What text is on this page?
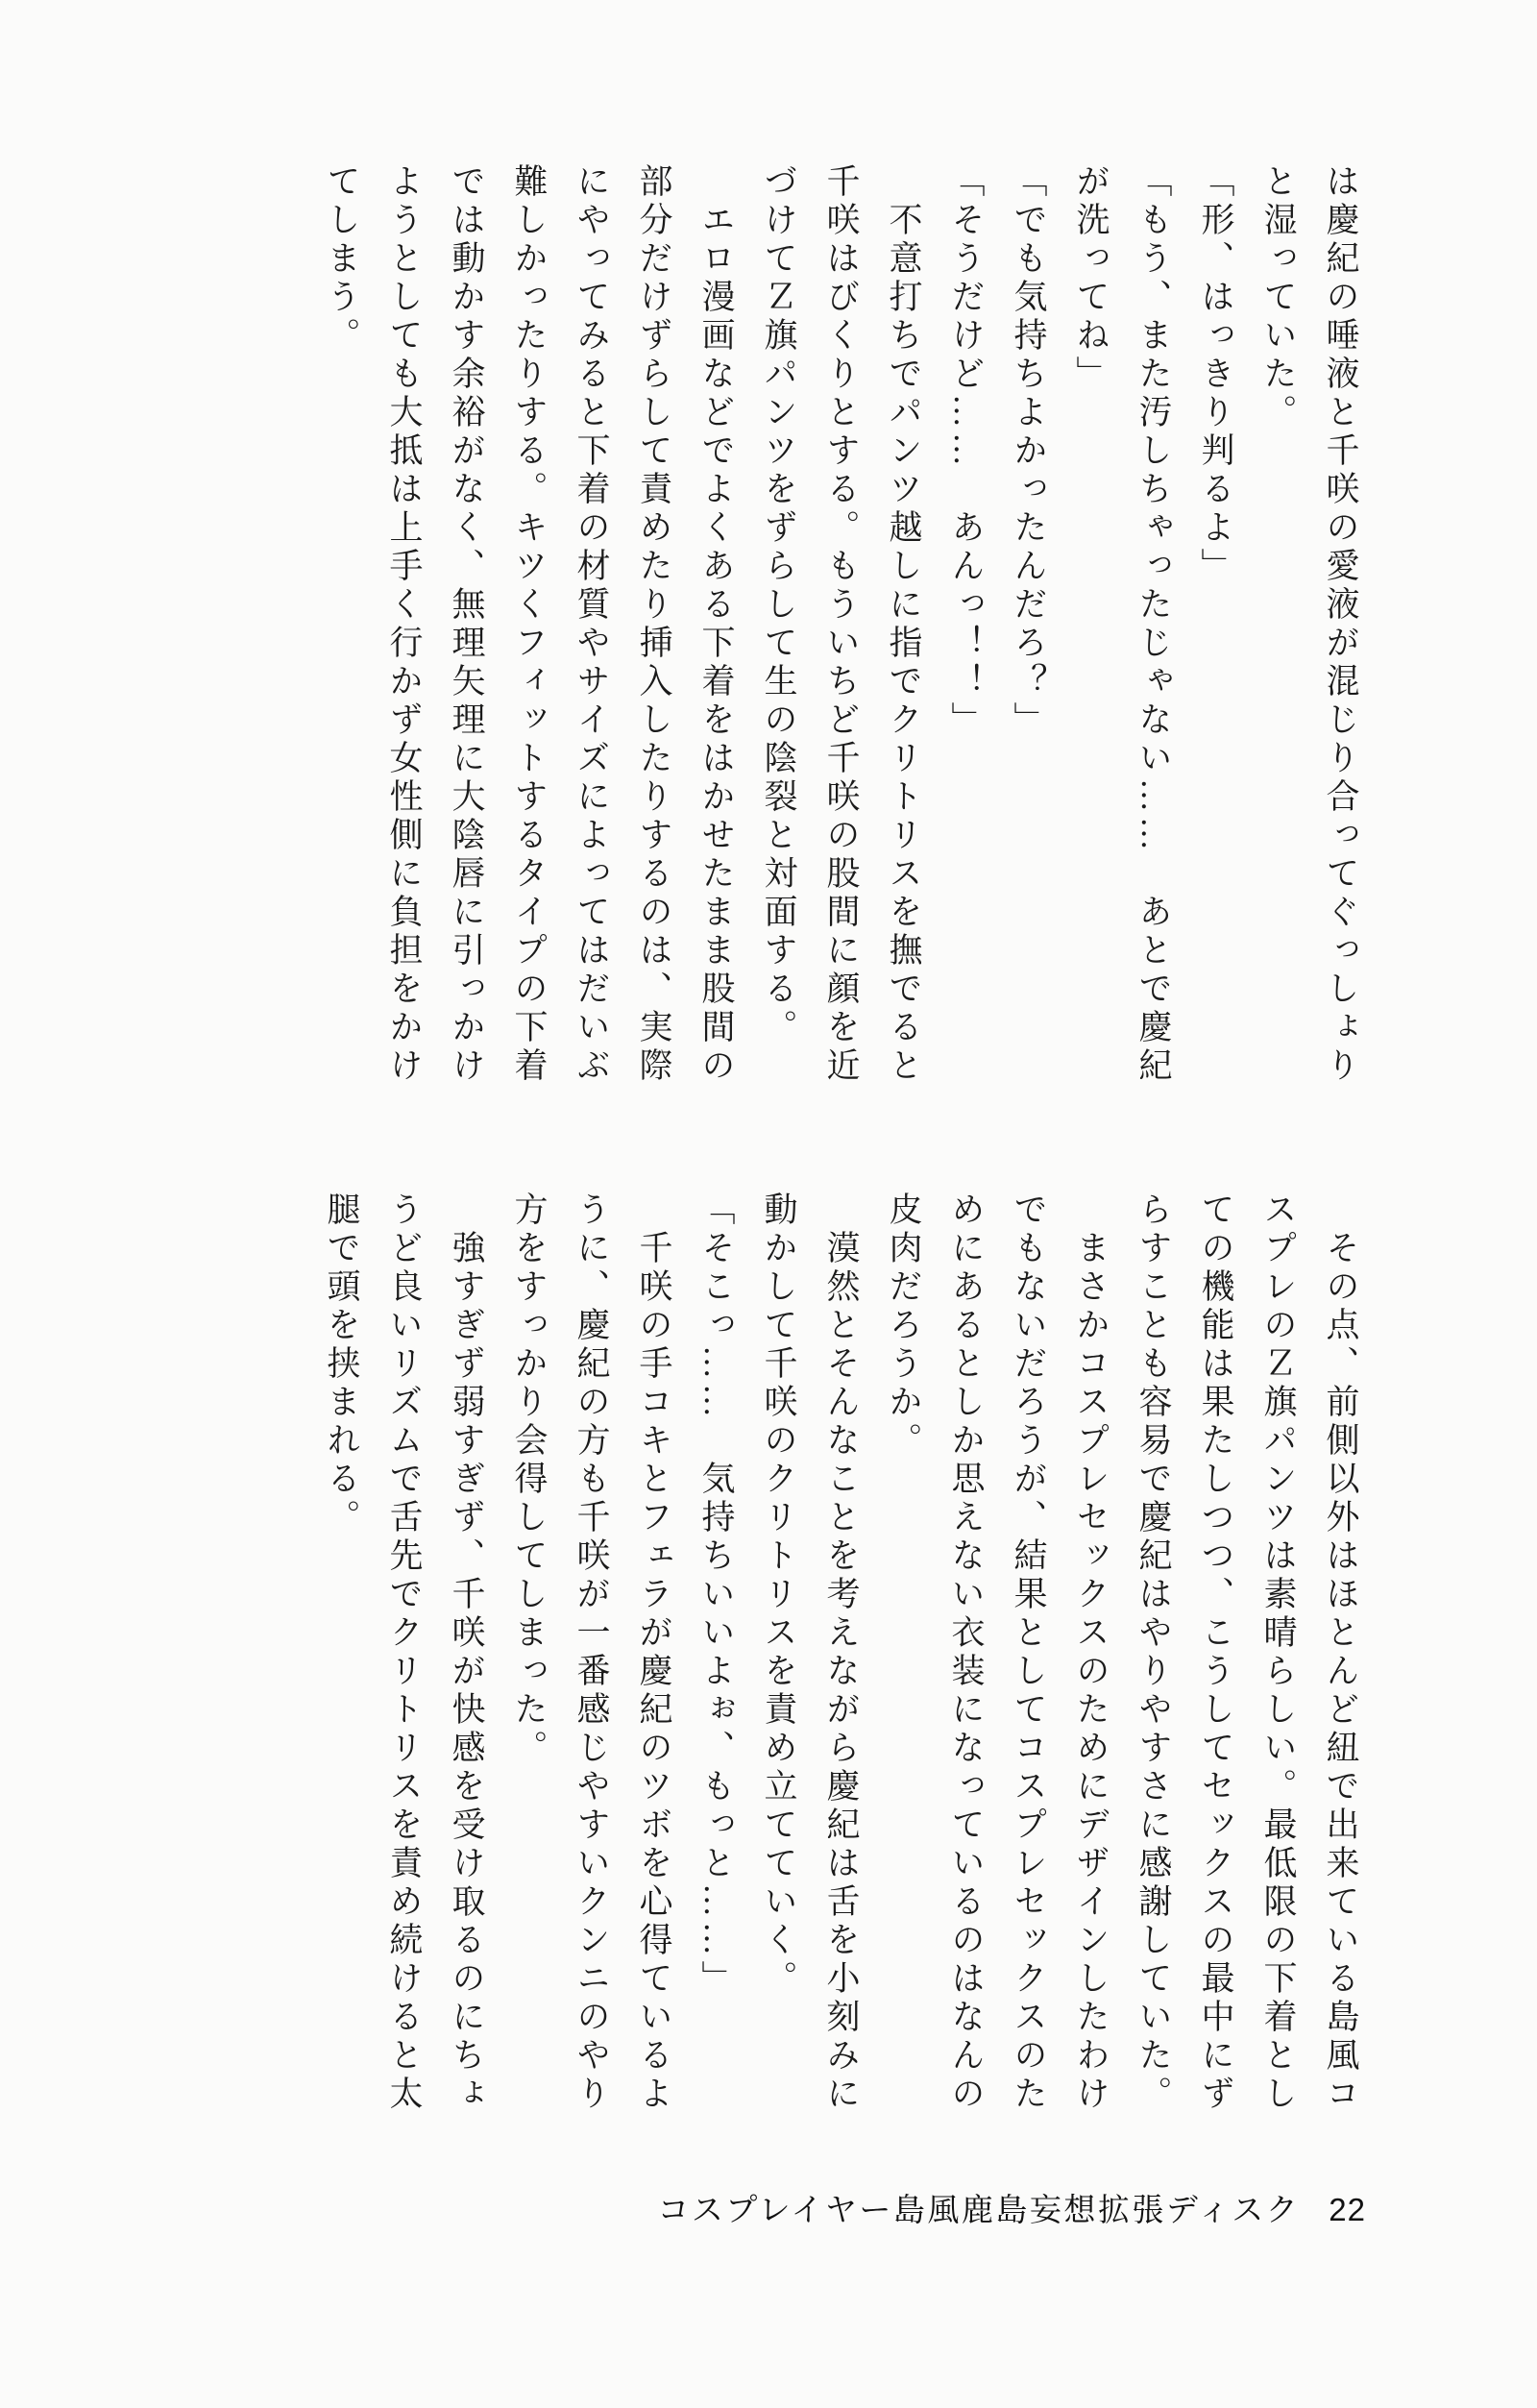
は慶紀の唾液と千咲の愛液が混じり合ってぐっしょり
と湿っていた。
「形、はっきり判るよ」
「もう、また汚しちゃったじゃない……　あとで慶紀
が洗ってね」
「でも気持ちよかったんだろ？」
「そうだけど……　あんっ！！」
不意打ちでパンツ越しに指でクリトリスを撫でると
千咲はびくりとする。もういちど千咲の股間に顔を近
づけてＺ旗パンツをずらして生の陰裂と対面する。
エロ漫画などでよくある下着をはかせたまま股間の
部分だけずらして責めたり挿入したりするのは、実際
にやってみると下着の材質やサイズによってはだいぶ
難しかったりする。キツくフィットするタイプの下着
では動かす余裕がなく、無理矢理に大陰唇に引っかけ
ようとしても大抵は上手く行かず女性側に負担をかけ
てしまう。
その点、前側以外はほとんど紐で出来ている島風コ
スプレのＺ旗パンツは素晴らしい。最低限の下着とし
ての機能は果たしつつ、こうしてセックスの最中にず
らすことも容易で慶紀はやりやすさに感謝していた。
まさかコスプレセックスのためにデザインしたわけ
でもないだろうが、結果としてコスプレセックスのた
めにあるとしか思えない衣装になっているのはなんの
皮肉だろうか。
漠然とそんなことを考えながら慶紀は舌を小刻みに
動かして千咲のクリトリスを責め立てていく。
「そこっ……　気持ちいいよぉ、もっと……」
千咲の手コキとフェラが慶紀のツボを心得ているよ
うに、慶紀の方も千咲が一番感じやすいクンニのやり
方をすっかり会得してしまった。
強すぎず弱すぎず、千咲が快感を受け取るのにちょ
うど良いリズムで舌先でクリトリスを責め続けると太
腿で頭を挟まれる。
コスプレイヤー島風鹿島妄想拡張ディスク 22
